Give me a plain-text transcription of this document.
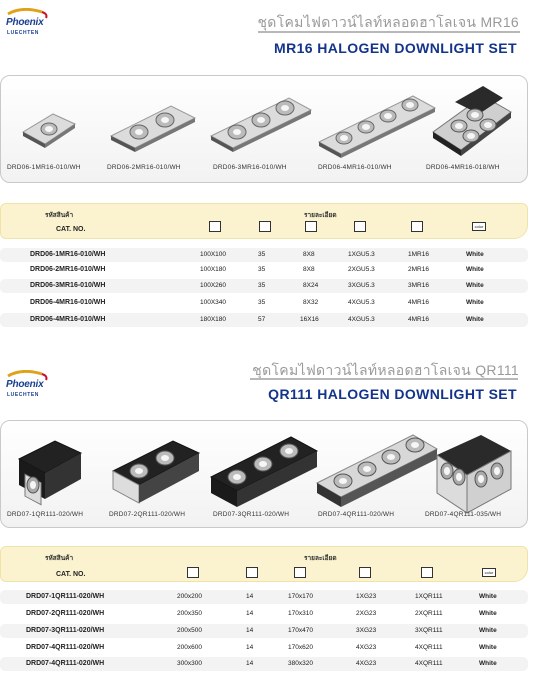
Phoenix
LUECHTEN
ชุดโคมไฟดาวน์ไลท์หลอดฮาโลเจน MR16
MR16 HALOGEN DOWNLIGHT SET
DRD06-1MR16-010/WH	DRD06-2MR16-010/WH	DRD06-3MR16-010/WH	DRD06-4MR16-010/WH	DRD06-4MR16-018/WH
รหัสสินค้า
CAT. NO.
รายละเอียด
color
DRD06-1MR16-010/WH	100X100	35	8X8	1XGU5.3	1MR16	White
DRD06-2MR16-010/WH	100X180	35	8X8	2XGU5.3	2MR16	White
DRD06-3MR16-010/WH	100X260	35	8X24	3XGU5.3	3MR16	White
DRD06-4MR16-010/WH	100X340	35	8X32	4XGU5.3	4MR16	White
DRD06-4MR16-010/WH	180X180	57	16X16	4XGU5.3	4MR16	White
Phoenix
LUECHTEN
ชุดโคมไฟดาวน์ไลท์หลอดฮาโลเจน QR111
QR111 HALOGEN DOWNLIGHT SET
DRD07-1QR111-020/WH	DRD07-2QR111-020/WH	DRD07-3QR111-020/WH	DRD07-4QR111-020/WH	DRD07-4QR111-035/WH
รหัสสินค้า
CAT. NO.
รายละเอียด
color
DRD07-1QR111-020/WH	200x200	14	170x170	1XG23	1XQR111	White
DRD07-2QR111-020/WH	200x350	14	170x310	2XG23	2XQR111	White
DRD07-3QR111-020/WH	200x500	14	170x470	3XG23	3XQR111	White
DRD07-4QR111-020/WH	200x600	14	170x620	4XG23	4XQR111	White
DRD07-4QR111-020/WH	300x300	14	380x320	4XG23	4XQR111	White
